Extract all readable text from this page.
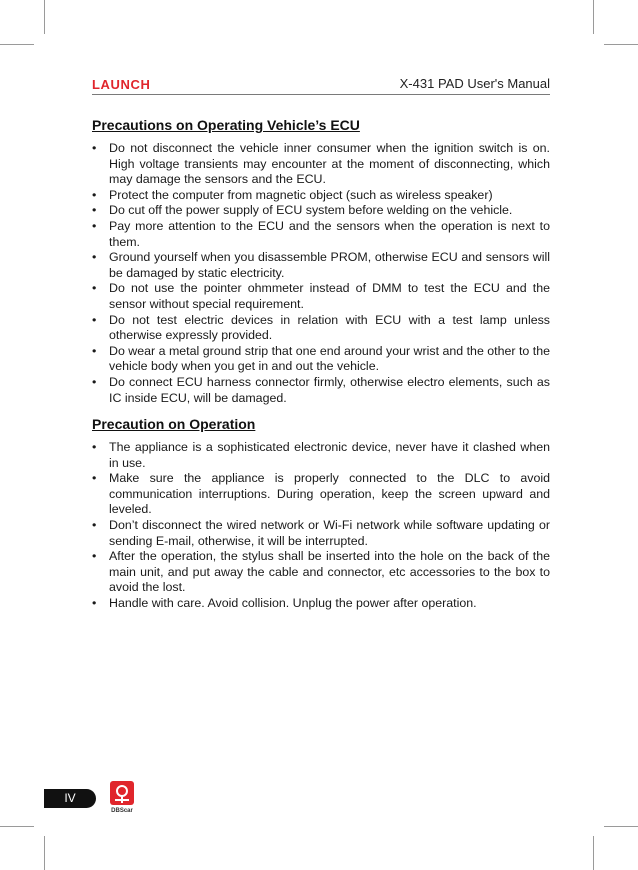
LAUNCH	X-431 PAD User's Manual
Precautions on Operating Vehicle’s ECU
• Do not disconnect the vehicle inner consumer when the ignition switch is on. High voltage transients may encounter at the moment of disconnecting, which may damage the sensors and the ECU.
• Protect the computer from magnetic object (such as wireless speaker)
• Do cut off the power supply of ECU system before welding on the vehicle.
• Pay more attention to the ECU and the sensors when the operation is next to them.
• Ground yourself when you disassemble PROM, otherwise ECU and sensors will be damaged by static electricity.
• Do not use the pointer ohmmeter instead of DMM to test the ECU and the sensor without special requirement.
• Do not test electric devices in relation with ECU with a test lamp unless otherwise expressly provided.
• Do wear a metal ground strip that one end around your wrist and the other to the vehicle body when you get in and out the vehicle.
• Do connect ECU harness connector firmly, otherwise electro elements, such as IC inside ECU, will be damaged.
Precaution on Operation
• The appliance is a sophisticated electronic device, never have it clashed when in use.
• Make sure the appliance is properly connected to the DLC to avoid communication interruptions. During operation, keep the screen upward and leveled.
• Don’t disconnect the wired network or Wi-Fi network while software updating or sending E-mail, otherwise, it will be interrupted.
• After the operation, the stylus shall be inserted into the hole on the back of the main unit, and put away the cable and connector, etc accessories to the box to avoid the lost.
• Handle with care. Avoid collision. Unplug the power after operation.
IV
DBScar
